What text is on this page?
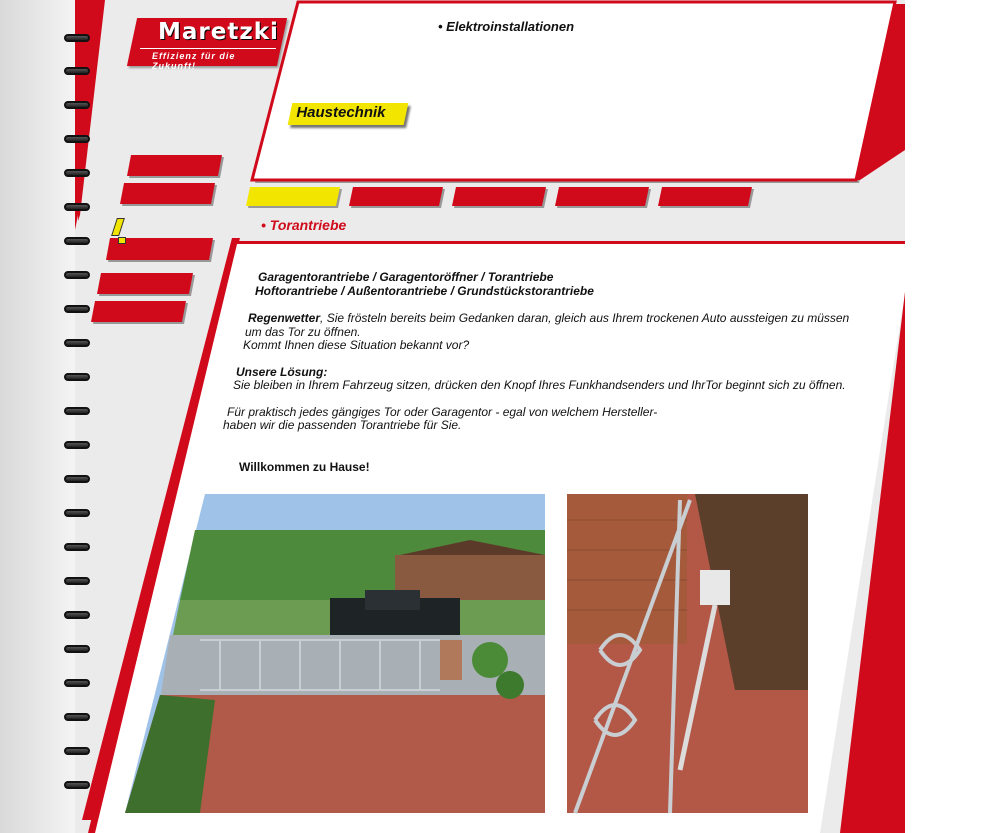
Maretzki
Effizienz für die Zukunft!
• Elektroinstallationen
Haustechnik
• Torantriebe

Garagentorantriebe / Garagentoröffner / Torantriebe

Hoftorantriebe / Außentorantriebe / Grundstückstorantriebe

Regenwetter, Sie frösteln bereits beim Gedanken daran, gleich aus Ihrem trockenen Auto aussteigen zu müssen

um das Tor zu öffnen.

Kommt Ihnen diese Situation bekannt vor?

Unsere Lösung:

Sie bleiben in Ihrem Fahrzeug sitzen, drücken den Knopf Ihres Funkhandsenders und IhrTor beginnt sich zu öffnen.

Für praktisch jedes gängiges Tor oder Garagentor - egal von welchem Hersteller-

haben wir die passenden Torantriebe für Sie.

Willkommen zu Hause!
